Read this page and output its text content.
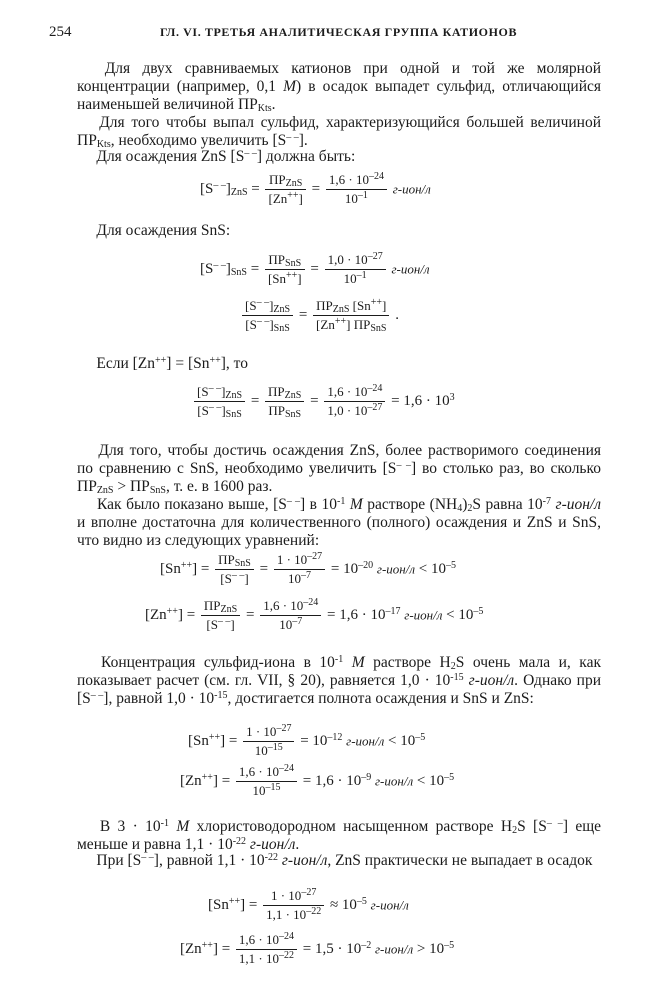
254	ГЛ. VI. ТРЕТЬЯ АНАЛИТИЧЕСКАЯ ГРУППА КАТИОНОВ
  Для двух сравниваемых катионов при одной и той же молярной концентрации (например, 0,1 M) в осадок выпадет сульфид, отличающийся наименьшей величиной $ПР_{Kts}$.
  Для того чтобы выпал сульфид, характеризующийся большей величиной $ПР_{Kts}$, необходимо увеличить [S– –].
  Для осаждения ZnS [S– –] должна быть:
$[S^{- -}]_{ZnS} = \frac{ПР_{ZnS}}{[Zn^{++}]} = \frac{1,6 \cdot 10^{-24}}{10^{-1}} г-ион/л$
  Для осаждения SnS:
$[S^{- -}]_{SnS} = \frac{ПР_{SnS}}{[Sn^{++}]} = \frac{1,0 \cdot 10^{-27}}{10^{-1}} г-ион/л$
$\frac{[S^{- -}]_{ZnS}}{[S^{- -}]_{SnS}} = \frac{ПР_{ZnS} [Sn^{++}]}{[Zn^{++}] ПР_{SnS}}$ .
  Если [Zn++] = [Sn++], то
$\frac{[S^{- -}]_{ZnS}}{[S^{- -}]_{SnS}} = \frac{ПР_{ZnS}}{ПР_{SnS}} = \frac{1,6 \cdot 10^{-24}}{1,0 \cdot 10^{-27}} = 1,6 \cdot 10^3$
  Для того, чтобы достичь осаждения ZnS, более растворимого соединения по сравнению с SnS, необходимо увеличить [S– –] во столько раз, во сколько $ПР_{ZnS} > ПР_{SnS}$, т. е. в 1600 раз.
  Как было показано выше, [S– –] в $10^{-1}$ M растворе $(NH_4)_2S$ равна $10^{-7}$ г-ион/л и вполне достаточна для количественного (полного) осаждения и ZnS и SnS, что видно из следующих уравнений:
$[Sn^{++}] = \frac{ПР_{SnS}}{[S^{- -}]} = \frac{1 \cdot 10^{-27}}{10^{-7}} = 10^{-20}$ $г-ион/л < 10^{-5}$
$[Zn^{++}] = \frac{ПР_{ZnS}}{[S^{- -}]} = \frac{1,6 \cdot 10^{-24}}{10^{-7}} = 1,6 \cdot 10^{-17}$ $г-ион/л < 10^{-5}$
  Концентрация сульфид-иона в $10^{-1}$ M растворе $H_2S$ очень мала и, как показывает расчет (см. гл. VII, § 20), равняется $1,0 \cdot 10^{-15}$ г-ион/л. Однако при [S– –], равной $1,0 \cdot 10^{-15}$, достигается полнота осаждения и SnS и ZnS:
$[Sn^{++}] = \frac{1 \cdot 10^{-27}}{10^{-15}} = 10^{-12}$ $г-ион/л < 10^{-5}$
$[Zn^{++}] = \frac{1,6 \cdot 10^{-24}}{10^{-15}} = 1,6 \cdot 10^{-9}$ $г-ион/л < 10^{-5}$
  В $3 \cdot 10^{-1}$ M хлористоводородном насыщенном растворе $H_2S$ [S– –] еще меньше и равна $1,1 \cdot 10^{-22}$ г-ион/л.
  При [S– –], равной $1,1 \cdot 10^{-22}$ г-ион/л, ZnS практически не выпадает в осадок
$[Sn^{++}] = \frac{1 \cdot 10^{-27}}{1,1 \cdot 10^{-22}} \approx 10^{-5}$ г-ион/л
$[Zn^{++}] = \frac{1,6 \cdot 10^{-24}}{1,1 \cdot 10^{-22}} = 1,5 \cdot 10^{-2}$ $г-ион/л > 10^{-5}$
